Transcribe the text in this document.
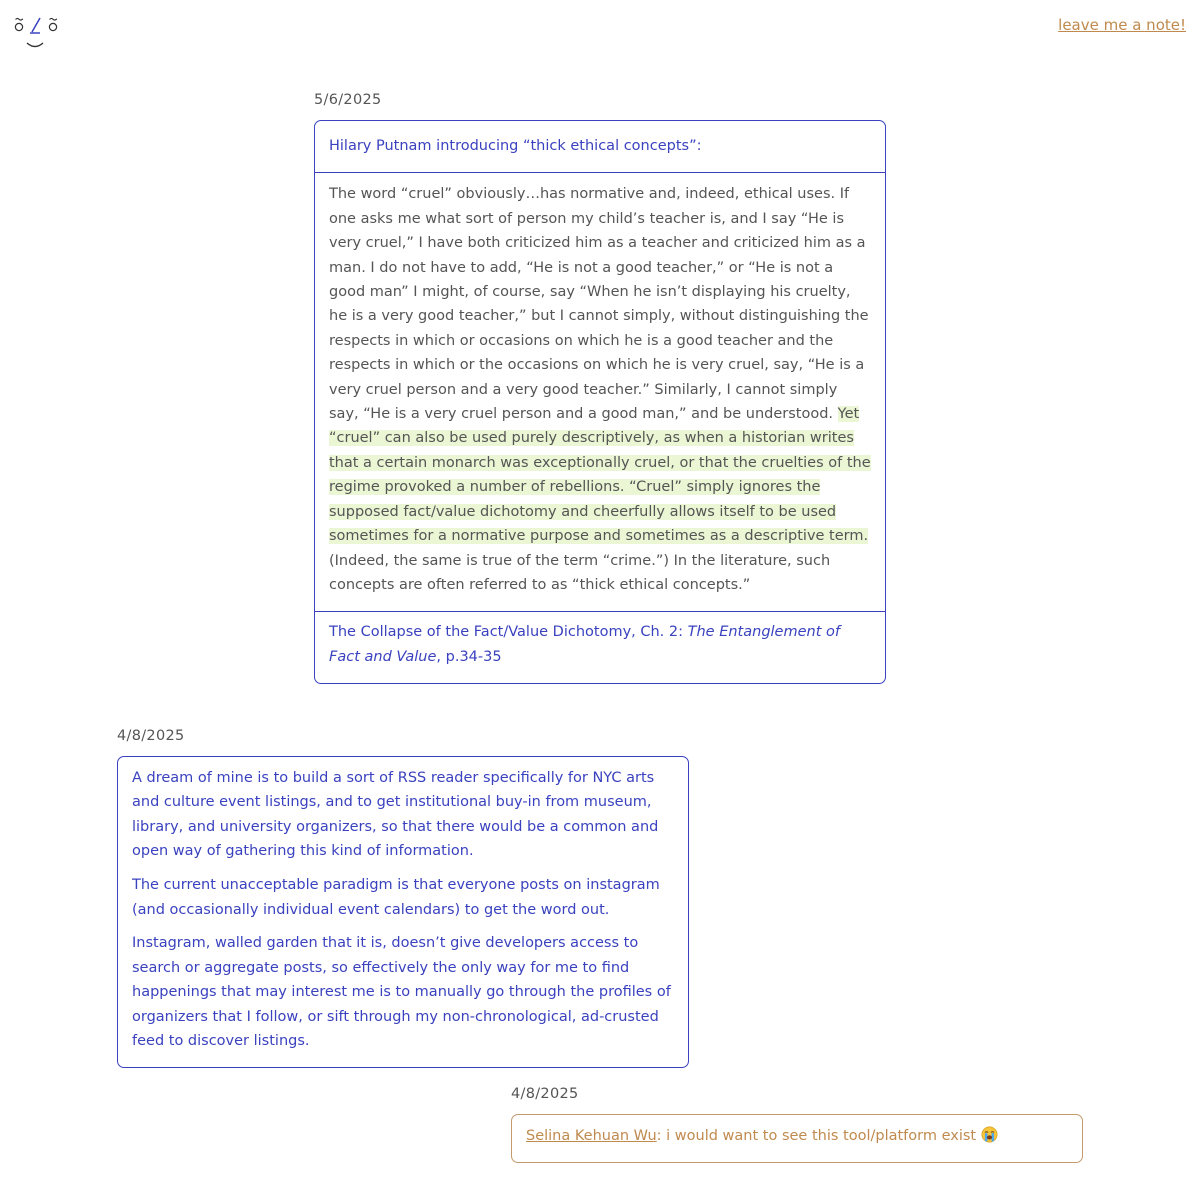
leave me a note!
5/6/2025
Hilary Putnam introducing “thick ethical concepts”:
The word “cruel” obviously…has normative and, indeed, ethical uses. If one asks me what sort of person my child’s teacher is, and I say “He is very cruel,” I have both criticized him as a teacher and criticized him as a man. I do not have to add, “He is not a good teacher,” or “He is not a good man” I might, of course, say “When he isn’t displaying his cruelty, he is a very good teacher,” but I cannot simply, without distinguishing the respects in which or occasions on which he is a good teacher and the respects in which or the occasions on which he is very cruel, say, “He is a very cruel person and a very good teacher.” Similarly, I cannot simply say, “He is a very cruel person and a good man,” and be understood. Yet “cruel” can also be used purely descriptively, as when a historian writes that a certain monarch was exceptionally cruel, or that the cruelties of the regime provoked a number of rebellions. “Cruel” simply ignores the supposed fact/value dichotomy and cheerfully allows itself to be used sometimes for a normative purpose and sometimes as a descriptive term. (Indeed, the same is true of the term “crime.”) In the literature, such concepts are often referred to as “thick ethical concepts.”
The Collapse of the Fact/Value Dichotomy, Ch. 2: The Entanglement of Fact and Value, p.34-35
4/8/2025

A dream of mine is to build a sort of RSS reader specifically for NYC arts and culture event listings, and to get institutional buy-in from museum, library, and university organizers, so that there would be a common and open way of gathering this kind of information.

The current unacceptable paradigm is that everyone posts on instagram (and occasionally individual event calendars) to get the word out.

Instagram, walled garden that it is, doesn’t give developers access to search or aggregate posts, so effectively the only way for me to find happenings that may interest me is to manually go through the profiles of organizers that I follow, or sift through my non-chronological, ad-crusted feed to discover listings.

4/8/2025
Selina Kehuan Wu: i would want to see this tool/platform exist
